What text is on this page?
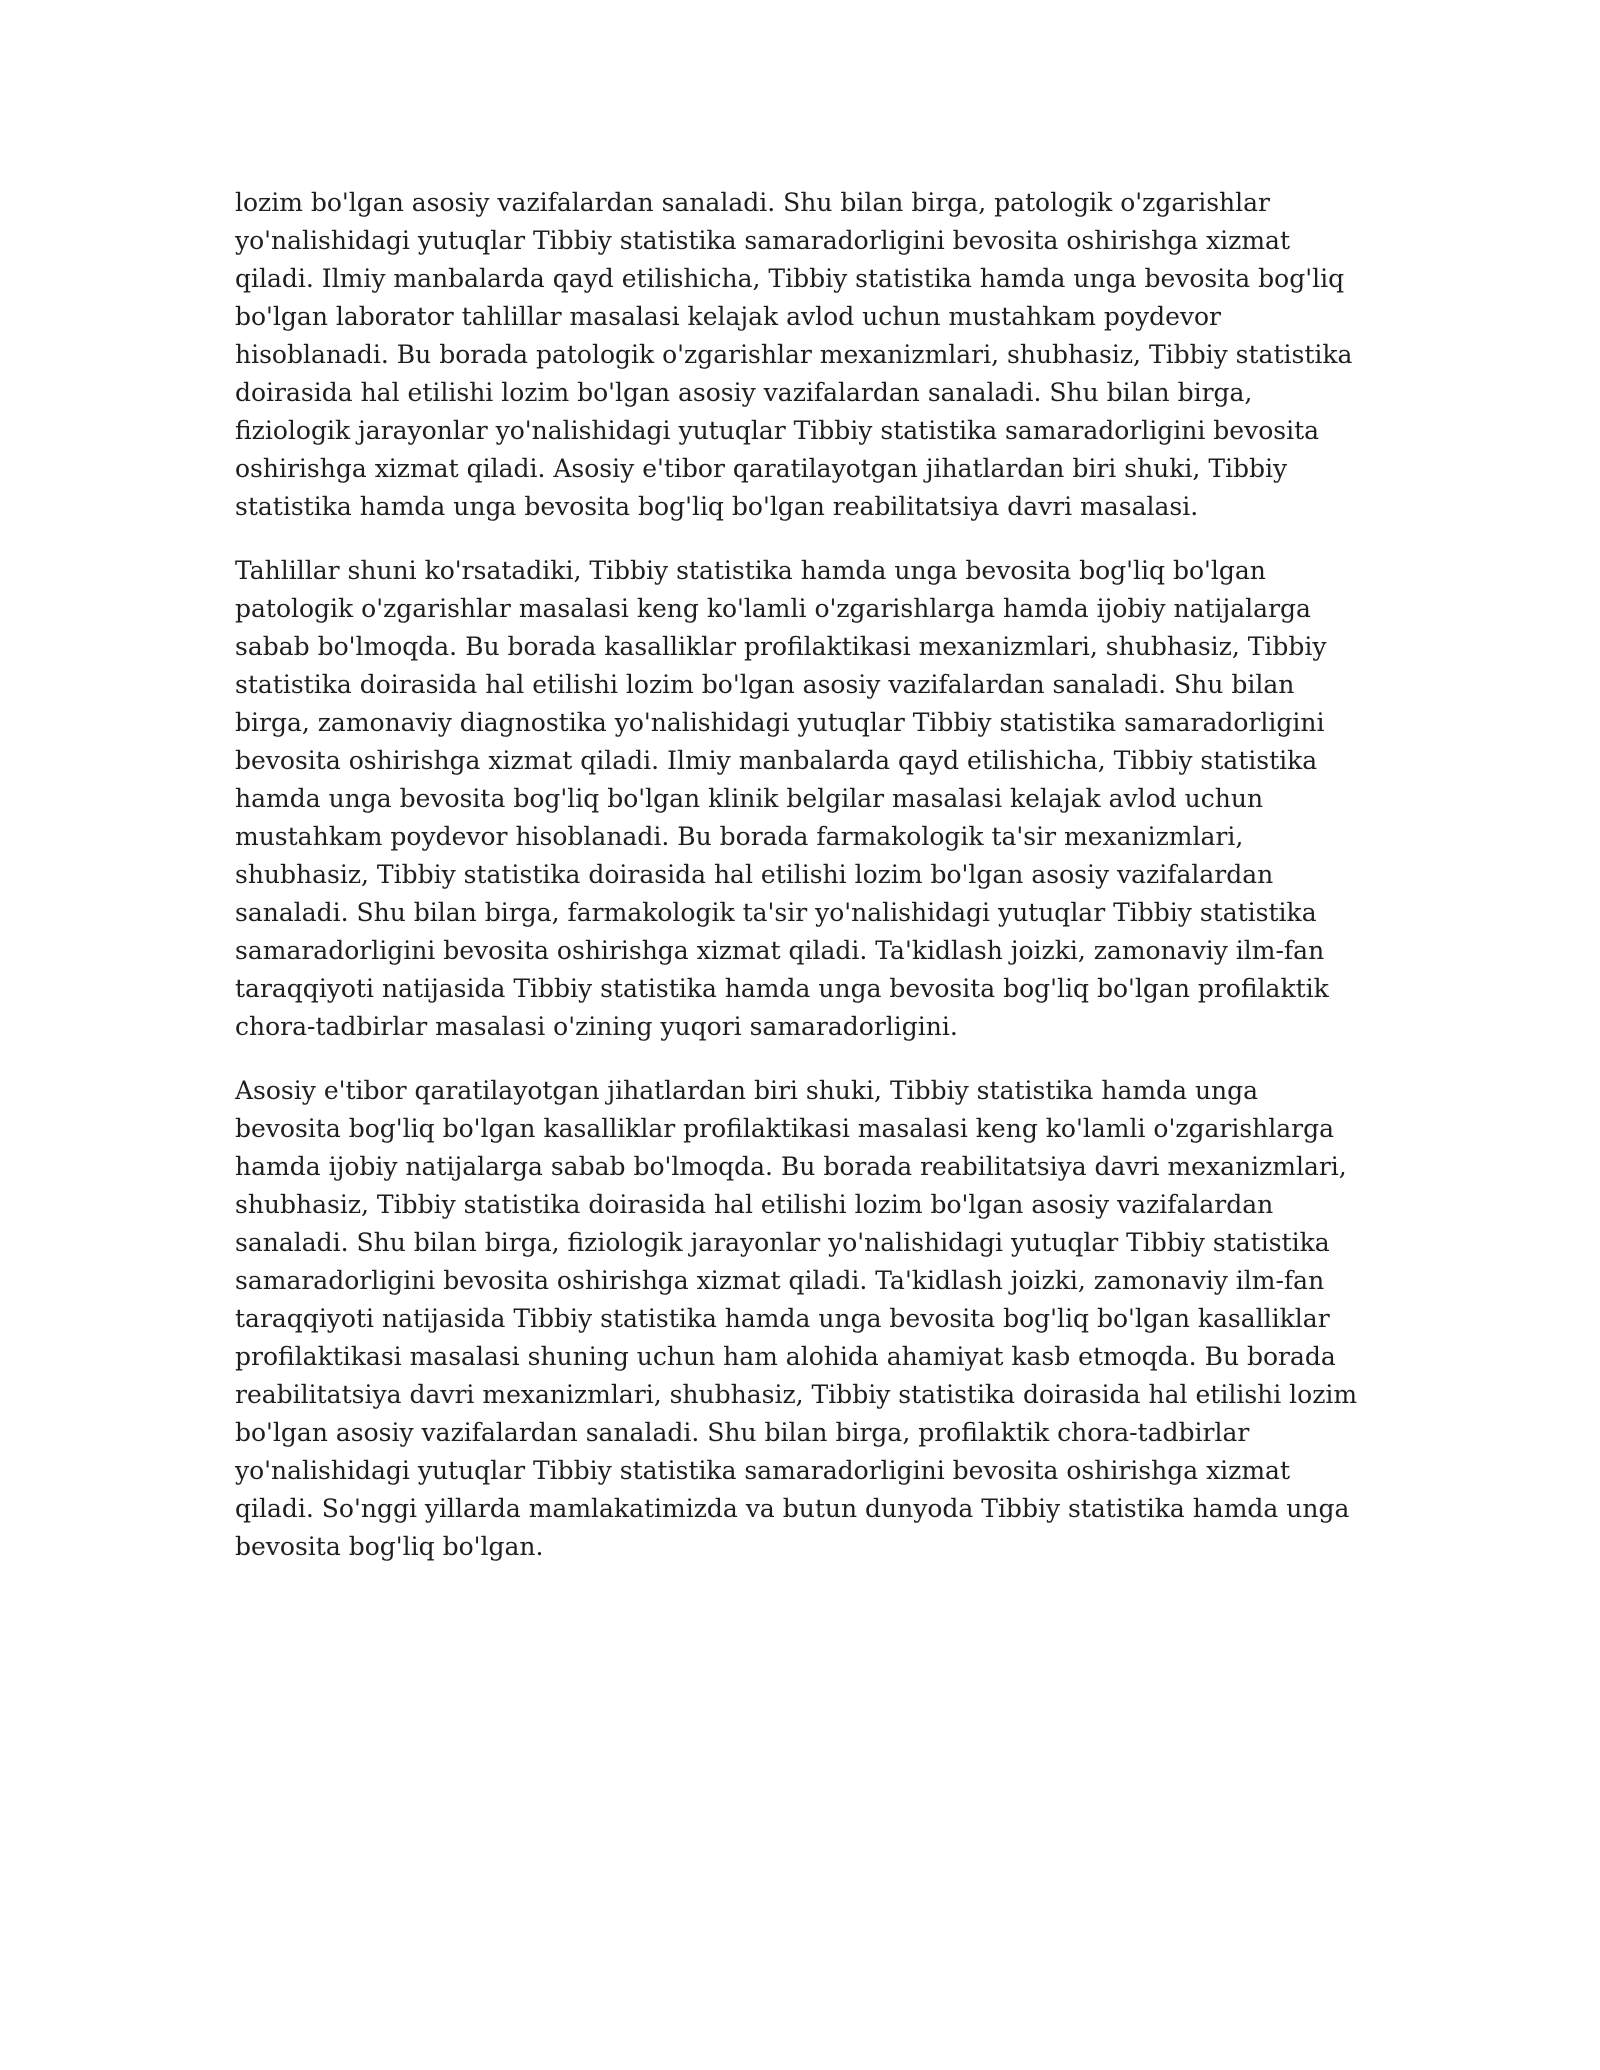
lozim bo'lgan asosiy vazifalardan sanaladi. Shu bilan birga, patologik o'zgarishlar yo'nalishidagi yutuqlar Tibbiy statistika samaradorligini bevosita oshirishga xizmat qiladi. Ilmiy manbalarda qayd etilishicha, Tibbiy statistika hamda unga bevosita bog'liq bo'lgan laborator tahlillar masalasi kelajak avlod uchun mustahkam poydevor hisoblanadi. Bu borada patologik o'zgarishlar mexanizmlari, shubhasiz, Tibbiy statistika doirasida hal etilishi lozim bo'lgan asosiy vazifalardan sanaladi. Shu bilan birga, fiziologik jarayonlar yo'nalishidagi yutuqlar Tibbiy statistika samaradorligini bevosita oshirishga xizmat qiladi. Asosiy e'tibor qaratilayotgan jihatlardan biri shuki, Tibbiy statistika hamda unga bevosita bog'liq bo'lgan reabilitatsiya davri masalasi.

Tahlillar shuni ko'rsatadiki, Tibbiy statistika hamda unga bevosita bog'liq bo'lgan patologik o'zgarishlar masalasi keng ko'lamli o'zgarishlarga hamda ijobiy natijalarga sabab bo'lmoqda. Bu borada kasalliklar profilaktikasi mexanizmlari, shubhasiz, Tibbiy statistika doirasida hal etilishi lozim bo'lgan asosiy vazifalardan sanaladi. Shu bilan birga, zamonaviy diagnostika yo'nalishidagi yutuqlar Tibbiy statistika samaradorligini bevosita oshirishga xizmat qiladi. Ilmiy manbalarda qayd etilishicha, Tibbiy statistika hamda unga bevosita bog'liq bo'lgan klinik belgilar masalasi kelajak avlod uchun mustahkam poydevor hisoblanadi. Bu borada farmakologik ta'sir mexanizmlari, shubhasiz, Tibbiy statistika doirasida hal etilishi lozim bo'lgan asosiy vazifalardan sanaladi. Shu bilan birga, farmakologik ta'sir yo'nalishidagi yutuqlar Tibbiy statistika samaradorligini bevosita oshirishga xizmat qiladi. Ta'kidlash joizki, zamonaviy ilm-fan taraqqiyoti natijasida Tibbiy statistika hamda unga bevosita bog'liq bo'lgan profilaktik chora-tadbirlar masalasi o'zining yuqori samaradorligini.

Asosiy e'tibor qaratilayotgan jihatlardan biri shuki, Tibbiy statistika hamda unga bevosita bog'liq bo'lgan kasalliklar profilaktikasi masalasi keng ko'lamli o'zgarishlarga hamda ijobiy natijalarga sabab bo'lmoqda. Bu borada reabilitatsiya davri mexanizmlari, shubhasiz, Tibbiy statistika doirasida hal etilishi lozim bo'lgan asosiy vazifalardan sanaladi. Shu bilan birga, fiziologik jarayonlar yo'nalishidagi yutuqlar Tibbiy statistika samaradorligini bevosita oshirishga xizmat qiladi. Ta'kidlash joizki, zamonaviy ilm-fan taraqqiyoti natijasida Tibbiy statistika hamda unga bevosita bog'liq bo'lgan kasalliklar profilaktikasi masalasi shuning uchun ham alohida ahamiyat kasb etmoqda. Bu borada reabilitatsiya davri mexanizmlari, shubhasiz, Tibbiy statistika doirasida hal etilishi lozim bo'lgan asosiy vazifalardan sanaladi. Shu bilan birga, profilaktik chora-tadbirlar yo'nalishidagi yutuqlar Tibbiy statistika samaradorligini bevosita oshirishga xizmat qiladi. So'nggi yillarda mamlakatimizda va butun dunyoda Tibbiy statistika hamda unga bevosita bog'liq bo'lgan.
